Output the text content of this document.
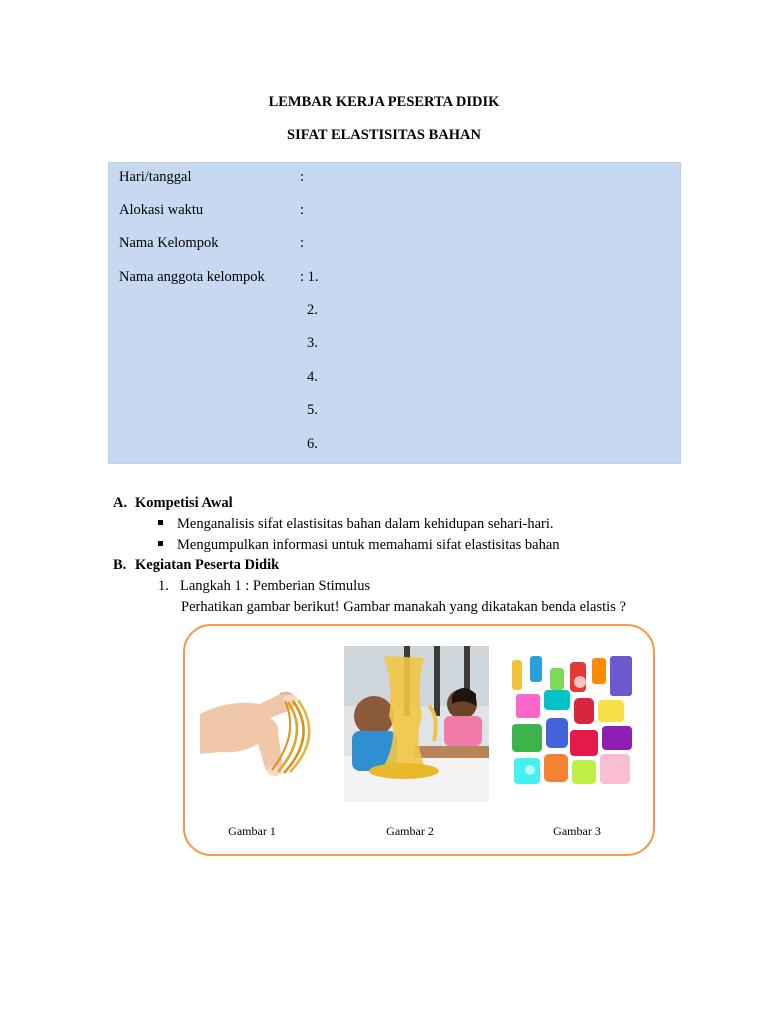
LEMBAR KERJA PESERTA DIDIK
SIFAT ELASTISITAS BAHAN
Hari/tanggal	:
Alokasi waktu	:
Nama Kelompok	:
Nama anggota kelompok : 1.
2.
3.
4.
5.
6.
A. Kompetisi Awal
Menganalisis sifat elastisitas bahan dalam kehidupan sehari-hari.
Mengumpulkan informasi untuk memahami sifat elastisitas bahan
B. Kegiatan Peserta Didik
1. Langkah 1 : Pemberian Stimulus
Perhatikan gambar berikut! Gambar manakah yang dikatakan benda elastis ?
Gambar 1	Gambar 2	Gambar 3
